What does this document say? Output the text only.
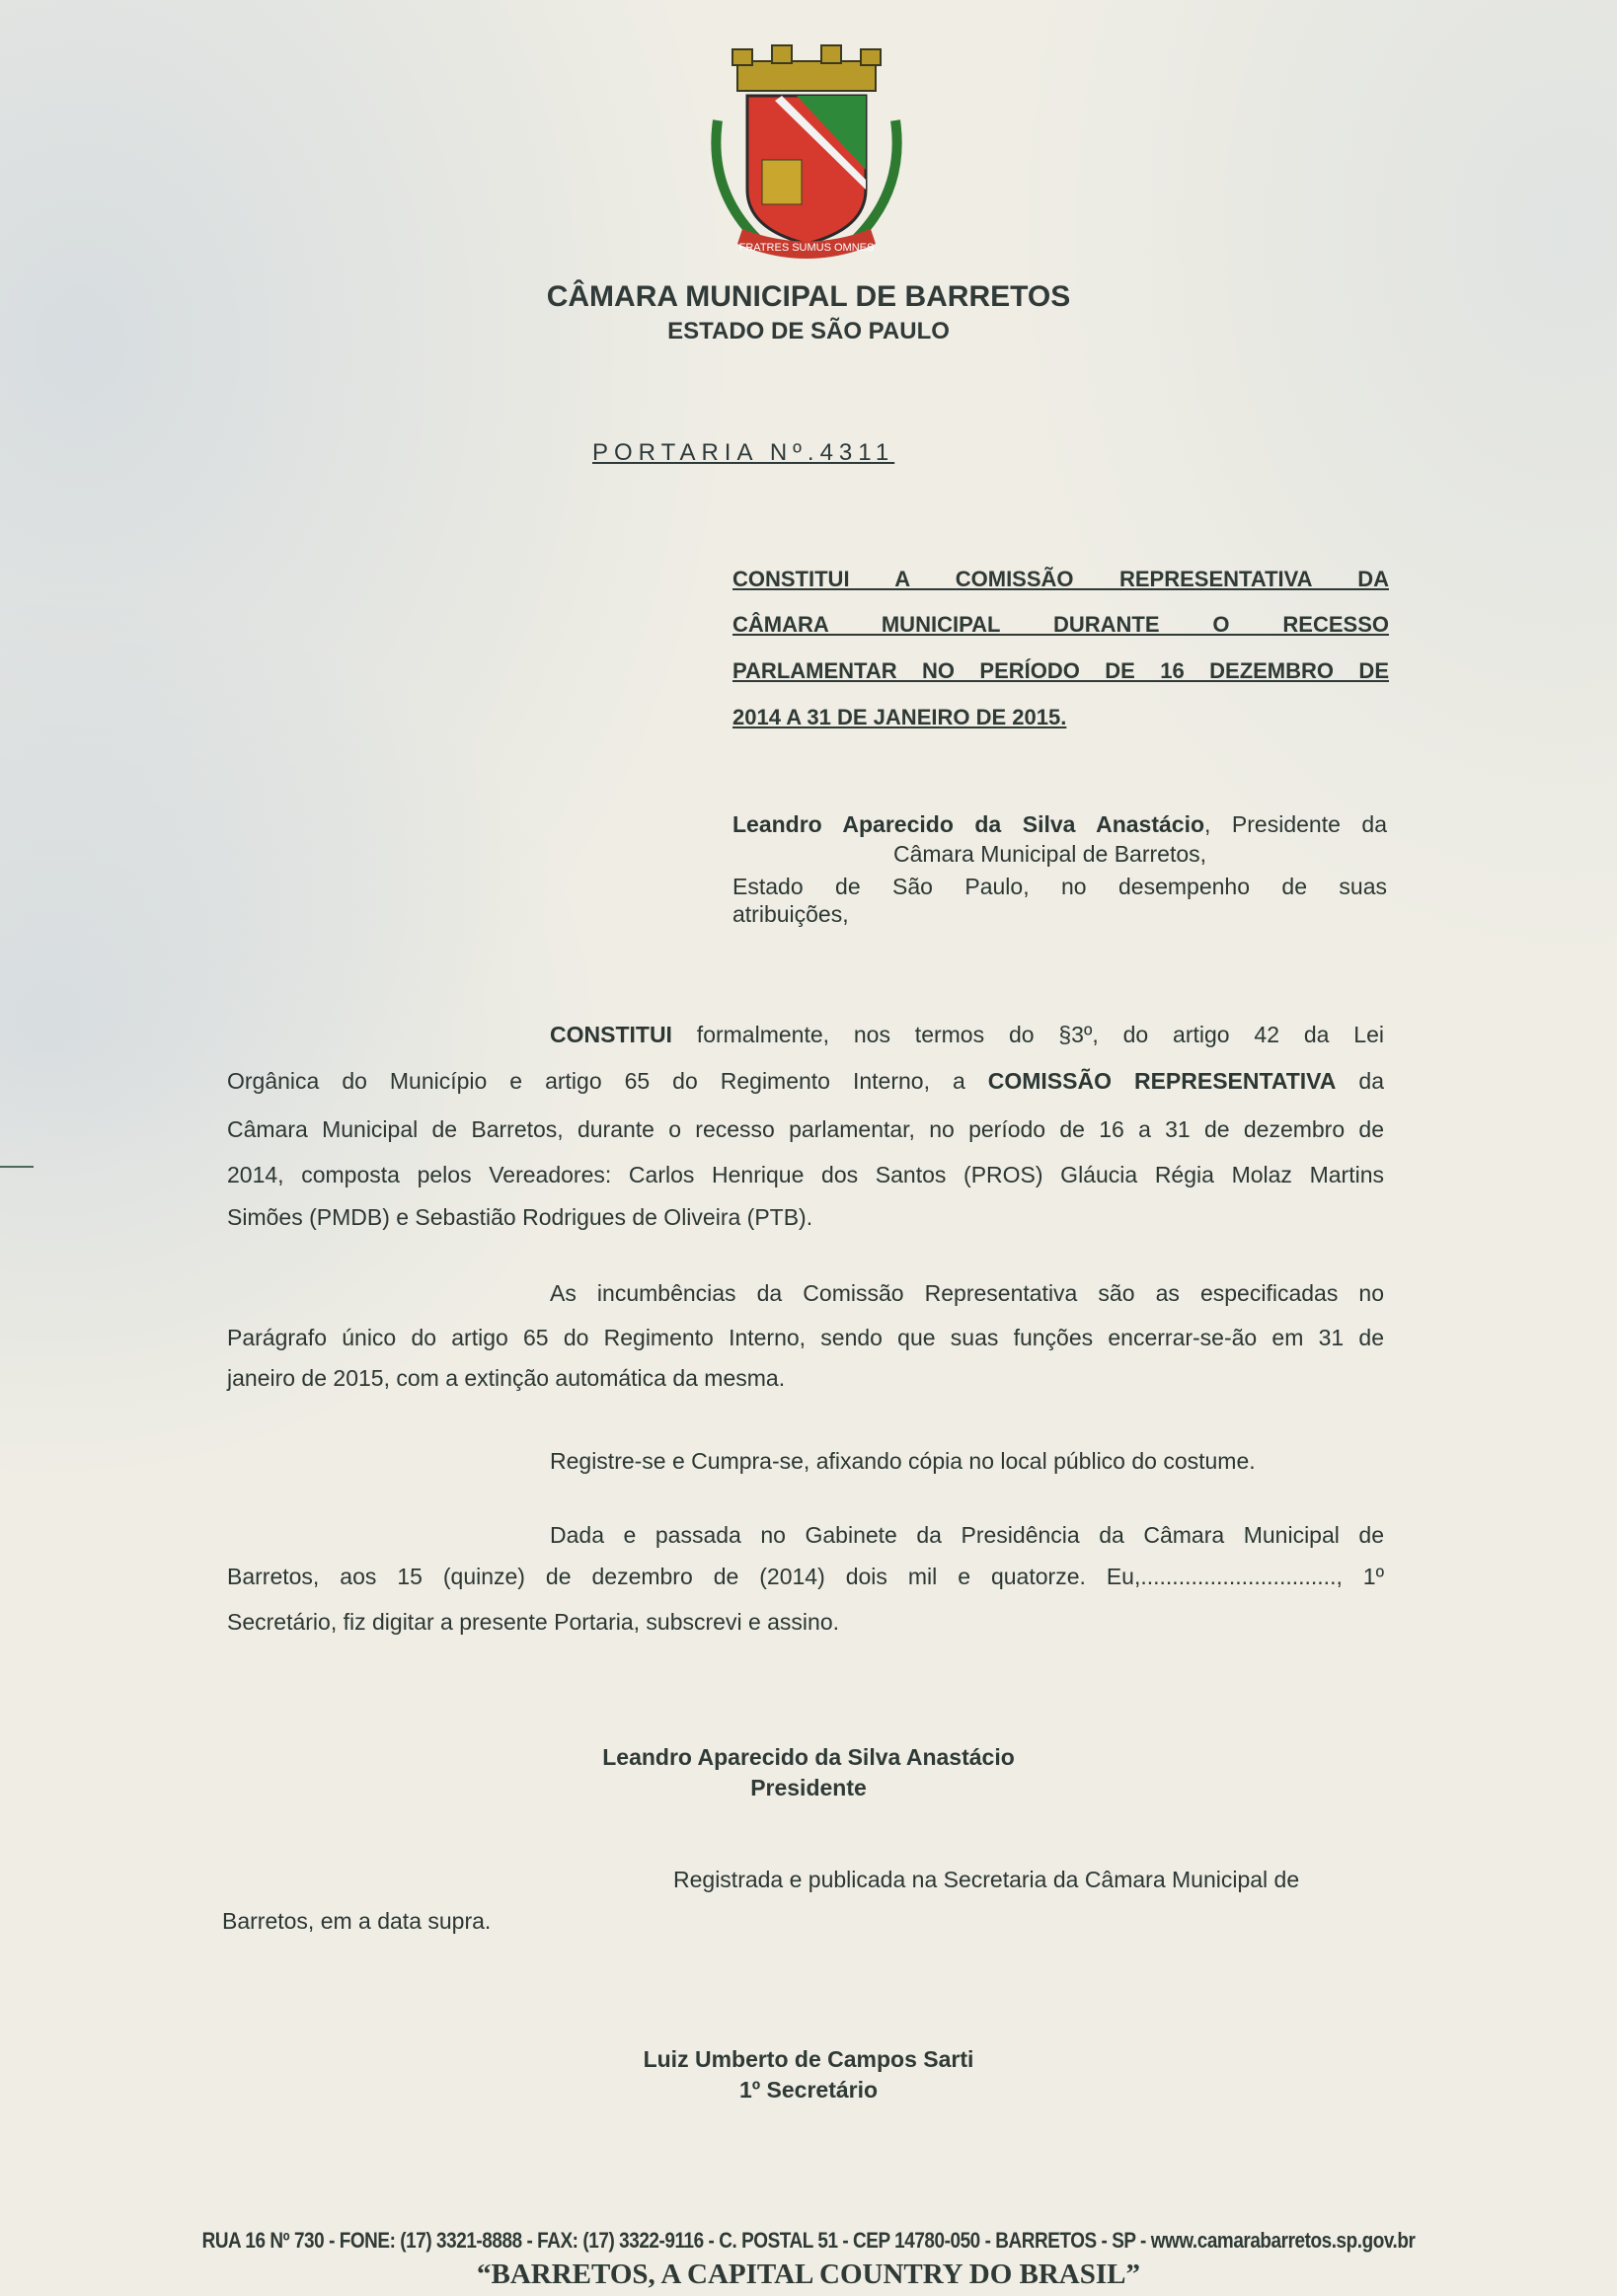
FRATRES SUMUS OMNES
CÂMARA MUNICIPAL DE BARRETOS
ESTADO DE SÃO PAULO
PORTARIA Nº.4311
CONSTITUI A COMISSÃO REPRESENTATIVA DA
CÂMARA MUNICIPAL DURANTE O RECESSO
PARLAMENTAR NO PERÍODO DE 16 DEZEMBRO DE
2014 A 31 DE JANEIRO DE 2015.
Leandro Aparecido da Silva Anastácio, Presidente da
Câmara Municipal de Barretos,
Estado de São Paulo, no desempenho de suas
atribuições,
CONSTITUI formalmente, nos termos do §3º, do artigo 42 da Lei
Orgânica do Município e artigo 65 do Regimento Interno, a COMISSÃO REPRESENTATIVA da
Câmara Municipal de Barretos, durante o recesso parlamentar, no período de 16 a 31 de dezembro de
2014, composta pelos Vereadores: Carlos Henrique dos Santos (PROS) Gláucia Régia Molaz Martins
Simões (PMDB) e Sebastião Rodrigues de Oliveira (PTB).
As incumbências da Comissão Representativa são as especificadas no
Parágrafo único do artigo 65 do Regimento Interno, sendo que suas funções encerrar-se-ão em 31 de
janeiro de 2015, com a extinção automática da mesma.
Registre-se e Cumpra-se, afixando cópia no local público do costume.
Dada e passada no Gabinete da Presidência da Câmara Municipal de
Barretos, aos 15 (quinze) de dezembro de (2014) dois mil e quatorze. Eu,..............................., 1º
Secretário, fiz digitar a presente Portaria, subscrevi e assino.
Leandro Aparecido da Silva Anastácio
Presidente
Registrada e publicada na Secretaria da Câmara Municipal de
Barretos, em a data supra.
Luiz Umberto de Campos Sarti
1º Secretário
RUA 16 Nº 730 - FONE: (17) 3321-8888 - FAX: (17) 3322-9116 - C. POSTAL 51 - CEP 14780-050 - BARRETOS - SP - www.camarabarretos.sp.gov.br
“BARRETOS, A CAPITAL COUNTRY DO BRASIL”
